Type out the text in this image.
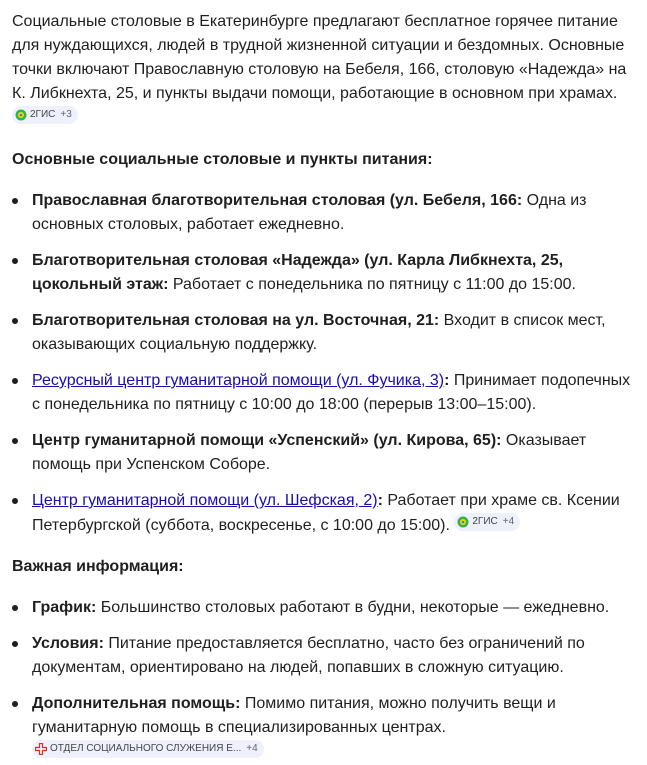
Социальные столовые в Екатеринбурге предлагают бесплатное горячее питание для нуждающихся, людей в трудной жизненной ситуации и бездомных. Основные точки включают Православную столовую на Бебеля, 166, столовую «Надежда» на К. Либкнехта, 25, и пункты выдачи помощи, работающие в основном при храмах.
2ГИС +3

Основные социальные столовые и пункты питания:
Православная благотворительная столовая (ул. Бебеля, 166: Одна из основных столовых, работает ежедневно.
Благотворительная столовая «Надежда» (ул. Карла Либкнехта, 25, цокольный этаж: Работает с понедельника по пятницу с 11:00 до 15:00.
Благотворительная столовая на ул. Восточная, 21: Входит в список мест, оказывающих социальную поддержку.
Ресурсный центр гуманитарной помощи (ул. Фучика, 3): Принимает подопечных с понедельника по пятницу с 10:00 до 18:00 (перерыв 13:00–15:00).
Центр гуманитарной помощи «Успенский» (ул. Кирова, 65): Оказывает помощь при Успенском Соборе.
Центр гуманитарной помощи (ул. Шефская, 2): Работает при храме св. Ксении Петербургской (суббота, воскресенье, с 10:00 до 15:00). 2ГИС +4
Важная информация:
График: Большинство столовых работают в будни, некоторые — ежедневно.
Условия: Питание предоставляется бесплатно, часто без ограничений по документам, ориентировано на людей, попавших в сложную ситуацию.
Дополнительная помощь: Помимо питания, можно получить вещи и гуманитарную помощь в специализированных центрах.
ОТДЕЛ СОЦИАЛЬНОГО СЛУЖЕНИЯ Е... +4
